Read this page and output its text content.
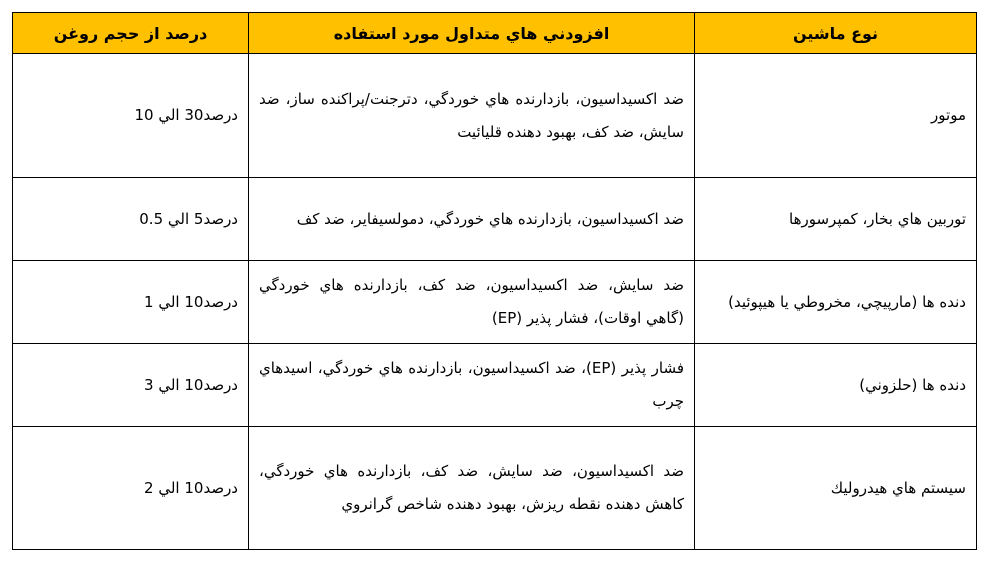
نوع ماشين	افزودني هاي متداول مورد استفاده	درصد از حجم روغن
موتور	ضد اكسيداسيون، بازدارنده هاي خوردگي، دترجنت/پراكنده ساز، ضد سايش، ضد كف، بهبود دهنده قليائيت	درصد30 الي 10
توربين هاي بخار، كمپرسورها	ضد اكسيداسيون، بازدارنده هاي خوردگي، دمولسيفاير، ضد كف	درصد5 الي 0.5
دنده ها (مارپيچي، مخروطي يا هيپوئيد)	ضد سايش، ضد اكسيداسيون، ضد كف، بازدارنده هاي خوردگي (گاهي اوقات)، فشار پذير (EP)	درصد10 الي 1
دنده ها (حلزوني)	فشار پذير (EP)، ضد اكسيداسيون، بازدارنده هاي خوردگي، اسيدهاي چرب	درصد10 الي 3
سيستم هاي هيدروليك	ضد اكسيداسيون، ضد سايش، ضد كف، بازدارنده هاي خوردگي، كاهش دهنده نقطه ريزش، بهبود دهنده شاخص گرانروي	درصد10 الي 2
